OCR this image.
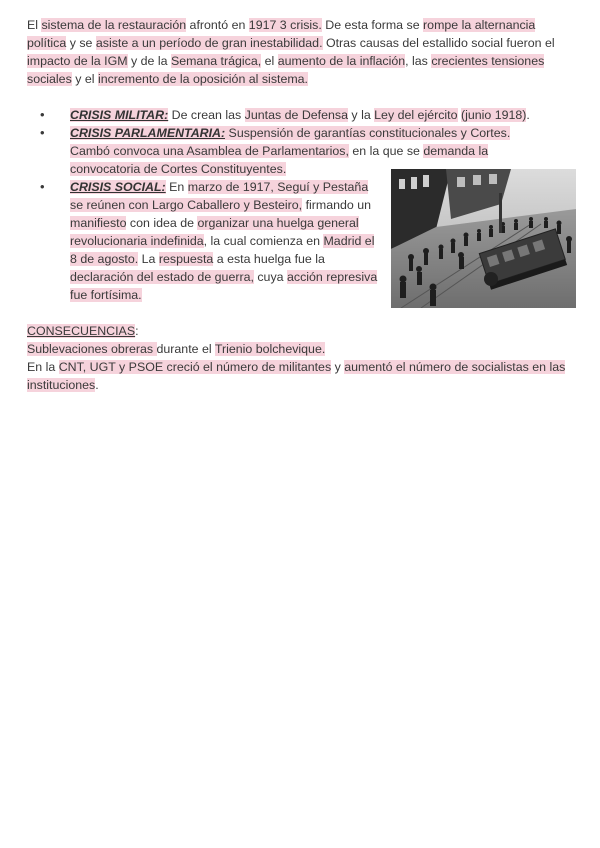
El sistema de la restauración afrontó en 1917 3 crisis. De esta forma se rompe la alternancia política y se asiste a un período de gran inestabilidad. Otras causas del estallido social fueron el impacto de la IGM y de la Semana trágica, el aumento de la inflación, las crecientes tensiones sociales y el incremento de la oposición al sistema.

• CRISIS MILITAR: De crean las Juntas de Defensa y la Ley del ejército (junio 1918).
• CRISIS PARLAMENTARIA: Suspensión de garantías constitucionales y Cortes. Cambó convoca una Asamblea de Parlamentarios, en la que se demanda la convocatoria de Cortes Constituyentes.
• CRISIS SOCIAL: En marzo de 1917, Seguí y Pestaña se reúnen con Largo Caballero y Besteiro, firmando un manifiesto con idea de organizar una huelga general revolucionaria indefinida, la cual comienza en Madrid el 8 de agosto. La respuesta a esta huelga fue la declaración del estado de guerra, cuya acción represiva fue fortísima.
CONSECUENCIAS:
Sublevaciones obreras durante el Trienio bolchevique.
En la CNT, UGT y PSOE creció el número de militantes y aumentó el número de socialistas en las instituciones.
